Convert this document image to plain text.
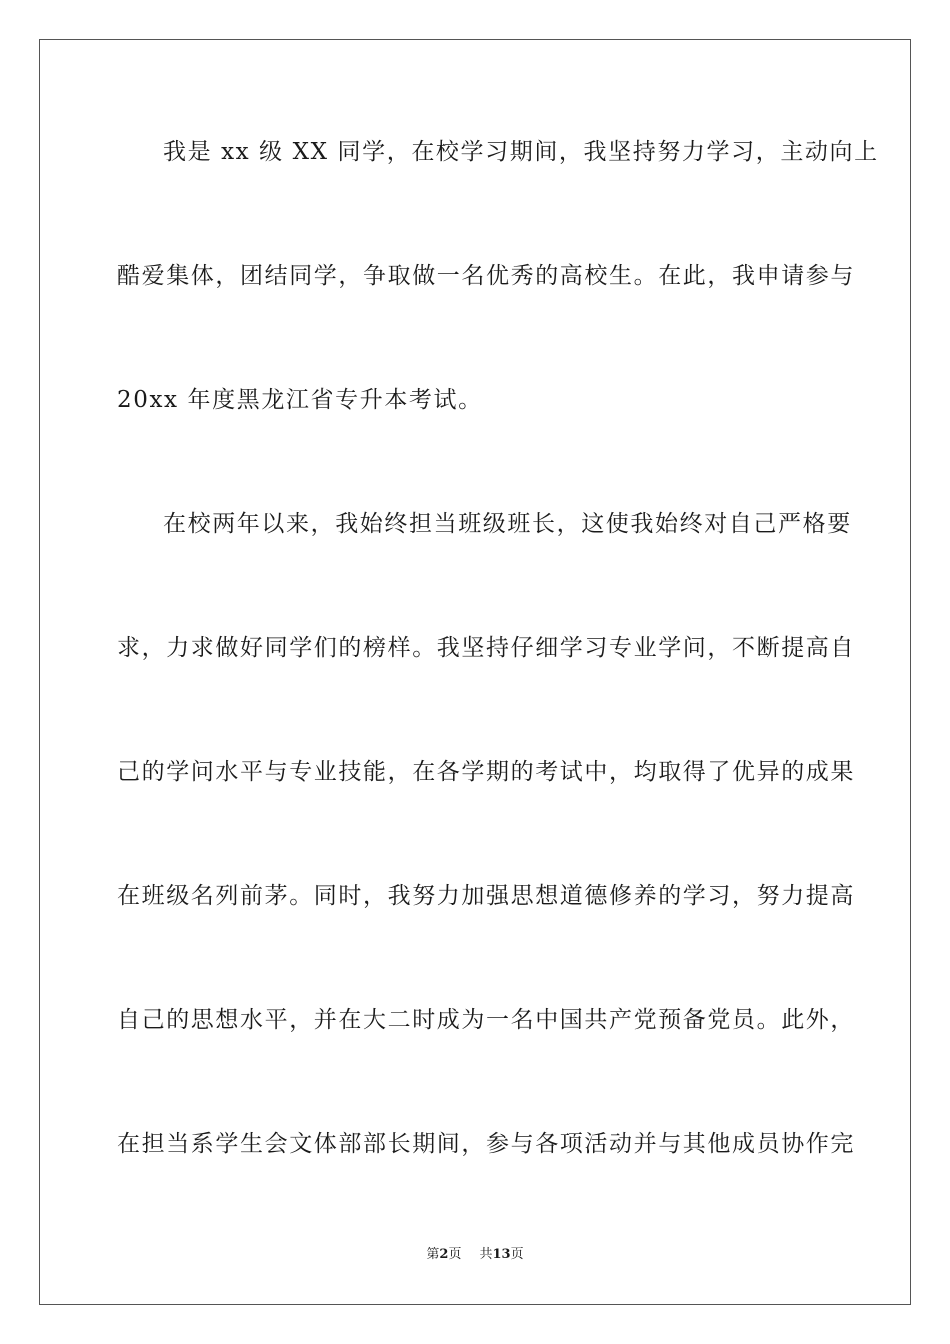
我是 xx 级 XX 同学，在校学习期间，我坚持努力学习，主动向上
酷爱集体，团结同学，争取做一名优秀的高校生。在此，我申请参与
20xx 年度黑龙江省专升本考试。
在校两年以来，我始终担当班级班长，这使我始终对自己严格要
求，力求做好同学们的榜样。我坚持仔细学习专业学问，不断提高自
己的学问水平与专业技能，在各学期的考试中，均取得了优异的成果
在班级名列前茅。同时，我努力加强思想道德修养的学习，努力提高
自己的思想水平，并在大二时成为一名中国共产党预备党员。此外，
在担当系学生会文体部部长期间，参与各项活动并与其他成员协作完
第2页 共13页
